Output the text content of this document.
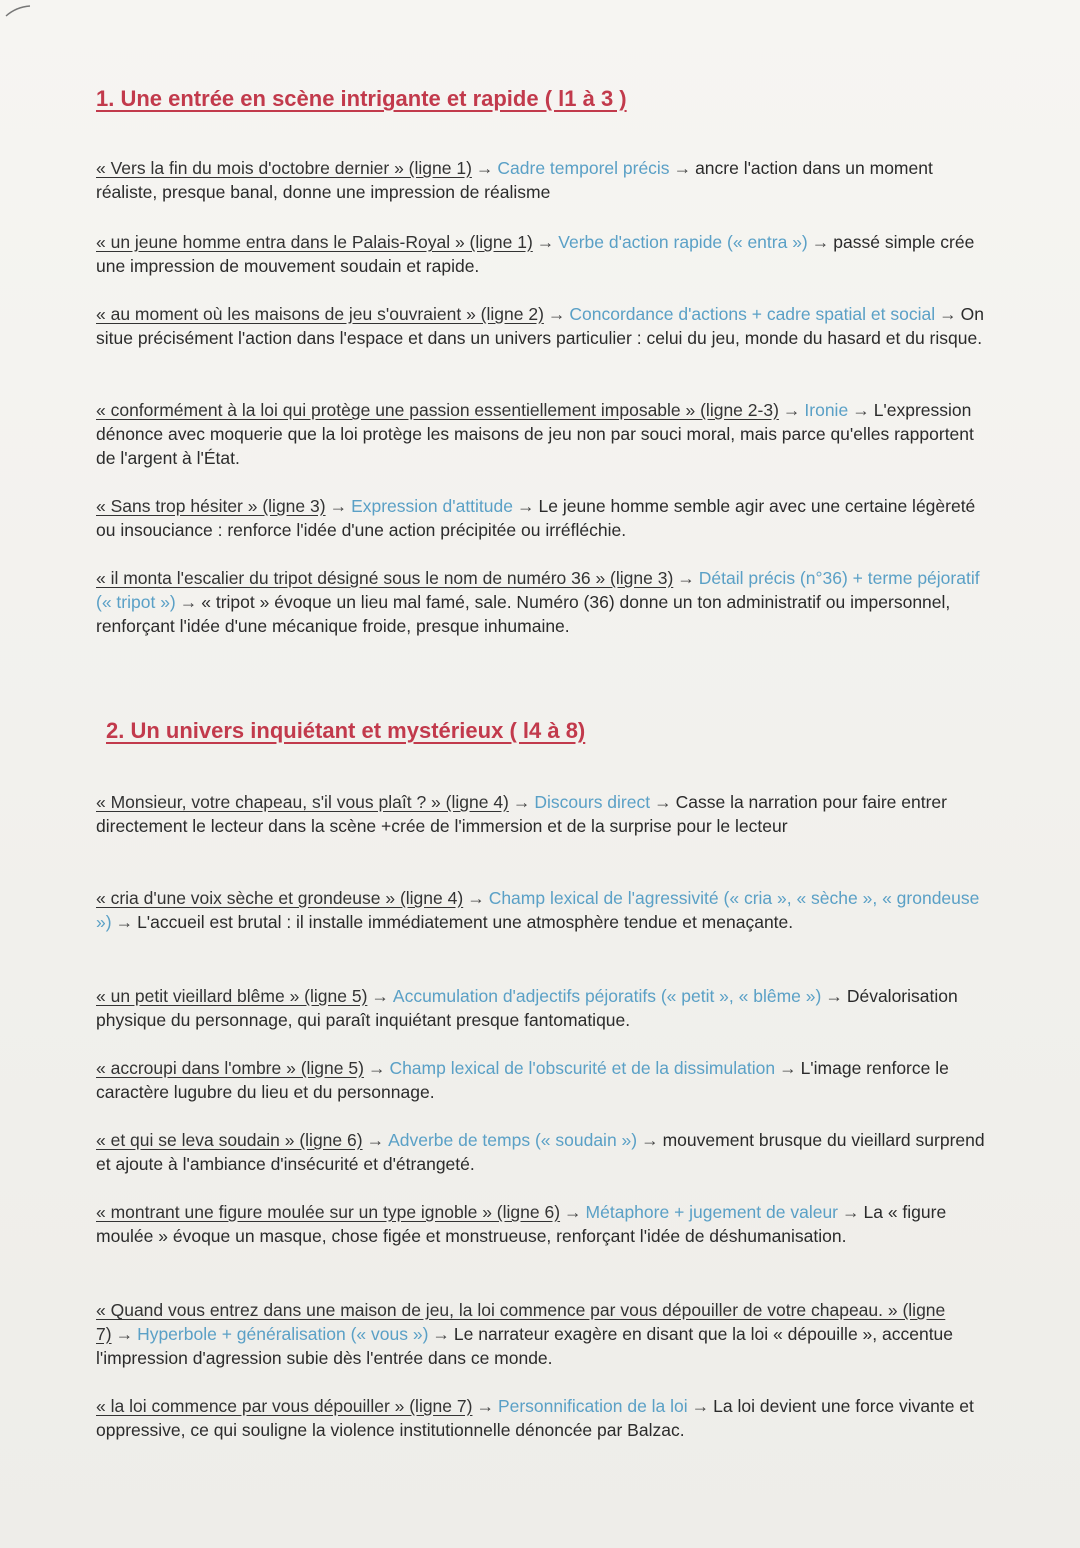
1. Une entrée en scène intrigante et rapide ( l1 à 3 )
« Vers la fin du mois d'octobre dernier » (ligne 1) → Cadre temporel précis → ancre l'action dans un moment réaliste, presque banal, donne une impression de réalisme
« un jeune homme entra dans le Palais-Royal » (ligne 1) → Verbe d'action rapide (« entra ») → passé simple crée une impression de mouvement soudain et rapide.
« au moment où les maisons de jeu s'ouvraient » (ligne 2) → Concordance d'actions + cadre spatial et social → On situe précisément l'action dans l'espace et dans un univers particulier : celui du jeu, monde du hasard et du risque.
« conformément à la loi qui protège une passion essentiellement imposable » (ligne 2-3) → Ironie → L'expression dénonce avec moquerie que la loi protège les maisons de jeu non par souci moral, mais parce qu'elles rapportent de l'argent à l'État.
« Sans trop hésiter » (ligne 3) → Expression d'attitude → Le jeune homme semble agir avec une certaine légèreté ou insouciance : renforce l'idée d'une action précipitée ou irréfléchie.
« il monta l'escalier du tripot désigné sous le nom de numéro 36 » (ligne 3) → Détail précis (n°36) + terme péjoratif (« tripot ») → « tripot » évoque un lieu mal famé, sale. Numéro (36) donne un ton administratif ou impersonnel, renforçant l'idée d'une mécanique froide, presque inhumaine.
2. Un univers inquiétant et mystérieux ( l4 à 8)
« Monsieur, votre chapeau, s'il vous plaît ? » (ligne 4) → Discours direct → Casse la narration pour faire entrer directement le lecteur dans la scène +crée de l'immersion et de la surprise pour le lecteur
« cria d'une voix sèche et grondeuse » (ligne 4) → Champ lexical de l'agressivité (« cria », « sèche », « grondeuse ») → L'accueil est brutal : il installe immédiatement une atmosphère tendue et menaçante.
« un petit vieillard blême » (ligne 5) → Accumulation d'adjectifs péjoratifs (« petit », « blême ») → Dévalorisation physique du personnage, qui paraît inquiétant presque fantomatique.
« accroupi dans l'ombre » (ligne 5) → Champ lexical de l'obscurité et de la dissimulation → L'image renforce le caractère lugubre du lieu et du personnage.
« et qui se leva soudain » (ligne 6) → Adverbe de temps (« soudain ») → mouvement brusque du vieillard surprend et ajoute à l'ambiance d'insécurité et d'étrangeté.
« montrant une figure moulée sur un type ignoble » (ligne 6) → Métaphore + jugement de valeur → La « figure moulée » évoque un masque, chose figée et monstrueuse, renforçant l'idée de déshumanisation.
« Quand vous entrez dans une maison de jeu, la loi commence par vous dépouiller de votre chapeau. » (ligne 7) → Hyperbole + généralisation (« vous ») → Le narrateur exagère en disant que la loi « dépouille », accentue l'impression d'agression subie dès l'entrée dans ce monde.
« la loi commence par vous dépouiller » (ligne 7) → Personnification de la loi → La loi devient une force vivante et oppressive, ce qui souligne la violence institutionnelle dénoncée par Balzac.
